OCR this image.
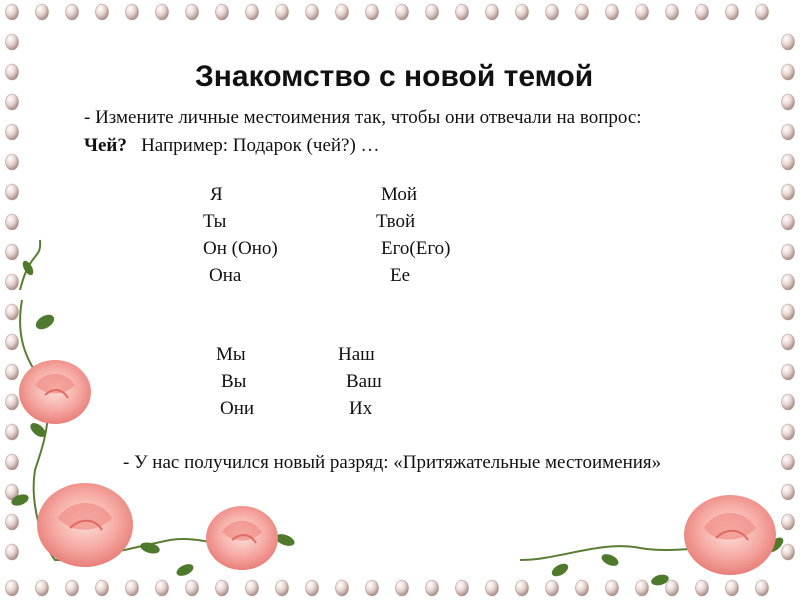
Знакомство с новой темой
- Измените личные местоимения так, чтобы они отвечали на вопрос:
Чей? Например: Подарок (чей?) …
Я	Мой
Ты	Твой
Он (Оно)	Его(Его)
Она	Ее
Мы	Наш
Вы	Ваш
Они	Их
- У нас получился новый разряд: «Притяжательные местоимения»
